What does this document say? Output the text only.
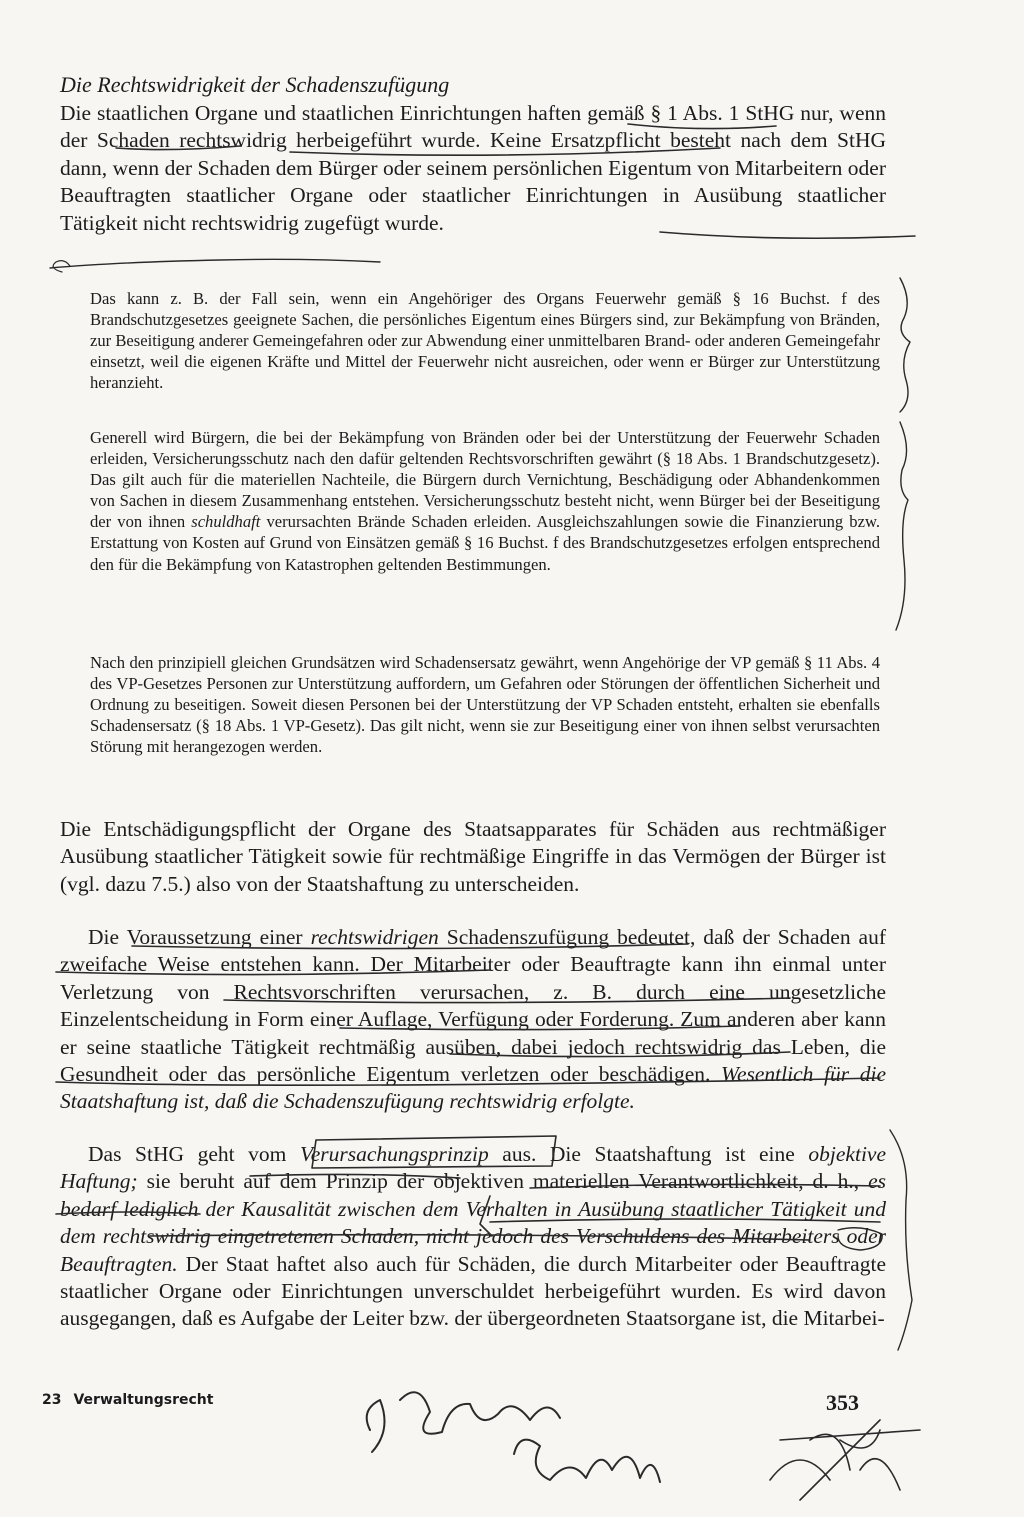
Die Rechtswidrigkeit der Schadenszufügung

Die staatlichen Organe und staatlichen Einrichtungen haften gemäß § 1 Abs. 1 StHG nur, wenn der Schaden rechtswidrig herbeigeführt wurde. Keine Ersatzpflicht besteht nach dem StHG dann, wenn der Schaden dem Bürger oder seinem persönlichen Eigentum von Mitarbeitern oder Beauftragten staatlicher Organe oder staatlicher Einrichtungen in Ausübung staatlicher Tätigkeit nicht rechtswidrig zugefügt wurde.

Das kann z. B. der Fall sein, wenn ein Angehöriger des Organs Feuerwehr gemäß § 16 Buchst. f des Brandschutzgesetzes geeignete Sachen, die persönliches Eigentum eines Bürgers sind, zur Bekämpfung von Bränden, zur Beseitigung anderer Gemeingefahren oder zur Abwendung einer unmittelbaren Brand- oder anderen Gemeingefahr einsetzt, weil die eigenen Kräfte und Mittel der Feuerwehr nicht ausreichen, oder wenn er Bürger zur Unterstützung heranzieht.

Generell wird Bürgern, die bei der Bekämpfung von Bränden oder bei der Unterstützung der Feuerwehr Schaden erleiden, Versicherungsschutz nach den dafür geltenden Rechtsvorschriften gewährt (§ 18 Abs. 1 Brandschutzgesetz). Das gilt auch für die materiellen Nachteile, die Bürgern durch Vernichtung, Beschädigung oder Abhandenkommen von Sachen in diesem Zusammenhang entstehen. Versicherungsschutz besteht nicht, wenn Bürger bei der Beseitigung der von ihnen schuldhaft verursachten Brände Schaden erleiden. Ausgleichszahlungen sowie die Finanzierung bzw. Erstattung von Kosten auf Grund von Einsätzen gemäß § 16 Buchst. f des Brandschutzgesetzes erfolgen entsprechend den für die Bekämpfung von Katastrophen geltenden Bestimmungen.

Nach den prinzipiell gleichen Grundsätzen wird Schadensersatz gewährt, wenn Angehörige der VP gemäß § 11 Abs. 4 des VP-Gesetzes Personen zur Unterstützung auffordern, um Gefahren oder Störungen der öffentlichen Sicherheit und Ordnung zu beseitigen. Soweit diesen Personen bei der Unterstützung der VP Schaden entsteht, erhalten sie ebenfalls Schadensersatz (§ 18 Abs. 1 VP-Gesetz). Das gilt nicht, wenn sie zur Beseitigung einer von ihnen selbst verursachten Störung mit herangezogen werden.

Die Entschädigungspflicht der Organe des Staatsapparates für Schäden aus rechtmäßiger Ausübung staatlicher Tätigkeit sowie für rechtmäßige Eingriffe in das Vermögen der Bürger ist (vgl. dazu 7.5.) also von der Staatshaftung zu unterscheiden.

Die Voraussetzung einer rechtswidrigen Schadenszufügung bedeutet, daß der Schaden auf zweifache Weise entstehen kann. Der Mitarbeiter oder Beauftragte kann ihn einmal unter Verletzung von Rechtsvorschriften verursachen, z. B. durch eine ungesetzliche Einzelentscheidung in Form einer Auflage, Verfügung oder Forderung. Zum anderen aber kann er seine staatliche Tätigkeit rechtmäßig ausüben, dabei jedoch rechtswidrig das Leben, die Gesundheit oder das persönliche Eigentum verletzen oder beschädigen. Wesentlich für die Staatshaftung ist, daß die Schadenszufügung rechtswidrig erfolgte.

Das StHG geht vom Verursachungsprinzip aus. Die Staatshaftung ist eine objektive Haftung; sie beruht auf dem Prinzip der objektiven materiellen Verantwortlichkeit, d. h., es bedarf lediglich der Kausalität zwischen dem Verhalten in Ausübung staatlicher Tätigkeit und dem rechtswidrig eingetretenen Schaden, nicht jedoch des Verschuldens des Mitarbeiters oder Beauftragten. Der Staat haftet also auch für Schäden, die durch Mitarbeiter oder Beauftragte staatlicher Organe oder Einrichtungen unverschuldet herbeigeführt wurden. Es wird davon ausgegangen, daß es Aufgabe der Leiter bzw. der übergeordneten Staatsorgane ist, die Mitarbei-

23 Verwaltungsrecht	353
